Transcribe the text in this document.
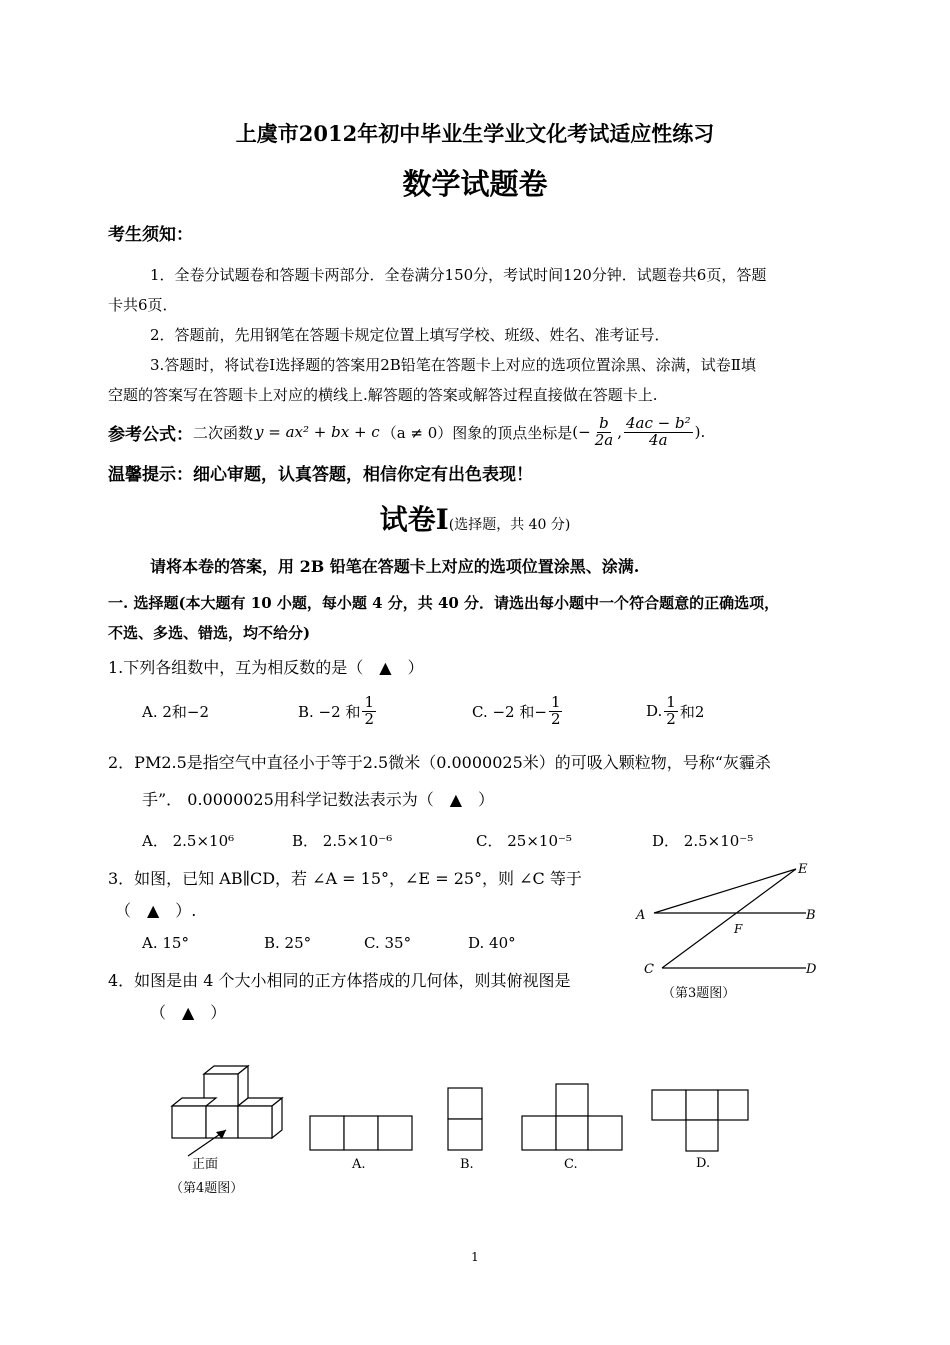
上虞市2012年初中毕业生学业文化考试适应性练习
数学试题卷
考生须知：
1．全卷分试题卷和答题卡两部分．全卷满分150分，考试时间120分钟．试题卷共6页，答题
卡共6页．
2．答题前，先用钢笔在答题卡规定位置上填写学校、班级、姓名、准考证号．
3.答题时，将试卷Ⅰ选择题的答案用2B铅笔在答题卡上对应的选项位置涂黑、涂满，试卷Ⅱ填
空题的答案写在答题卡上对应的横线上.解答题的答案或解答过程直接做在答题卡上.
参考公式： 二次函数 y = ax² + bx + c （a ≠ 0） 图象的顶点坐标是 (− $\frac{b}{2a}$ , $\frac{\text{4ac − b²}}{4a}$ ).
温馨提示：细心审题，认真答题，相信你定有出色表现！
试卷Ⅰ(选择题，共 40 分)
请将本卷的答案，用 2B 铅笔在答题卡上对应的选项位置涂黑、涂满.
一. 选择题(本大题有 10 小题，每小题 4 分，共 40 分．请选出每小题中一个符合题意的正确选项，
不选、多选、错选，均不给分)
1.下列各组数中，互为相反数的是（　▲　）
A. 2和−2	B. −2 和 $\frac{1}{2}$	C. −2 和− $\frac{1}{2}$	D. $\frac{1}{2}$ 和2
2．PM2.5是指空气中直径小于等于2.5微米（0.0000025米）的可吸入颗粒物，号称“灰霾杀
手”． 0.0000025用科学记数法表示为（　▲　）
A． 2.5×10⁶	B． 2.5×10⁻⁶	C． 25×10⁻⁵	D． 2.5×10⁻⁵
3．如图，已知 AB∥CD，若 ∠A = 15°，∠E = 25°，则 ∠C 等于
（　▲　）.
A. 15°	B. 25°	C. 35°	D. 40°
E
A	B
F
C	D
（第3题图）
4．如图是由 4 个大小相同的正方体搭成的几何体，则其俯视图是
（　▲　）
正面
（第4题图）
A.	B.	C.	D.
1
